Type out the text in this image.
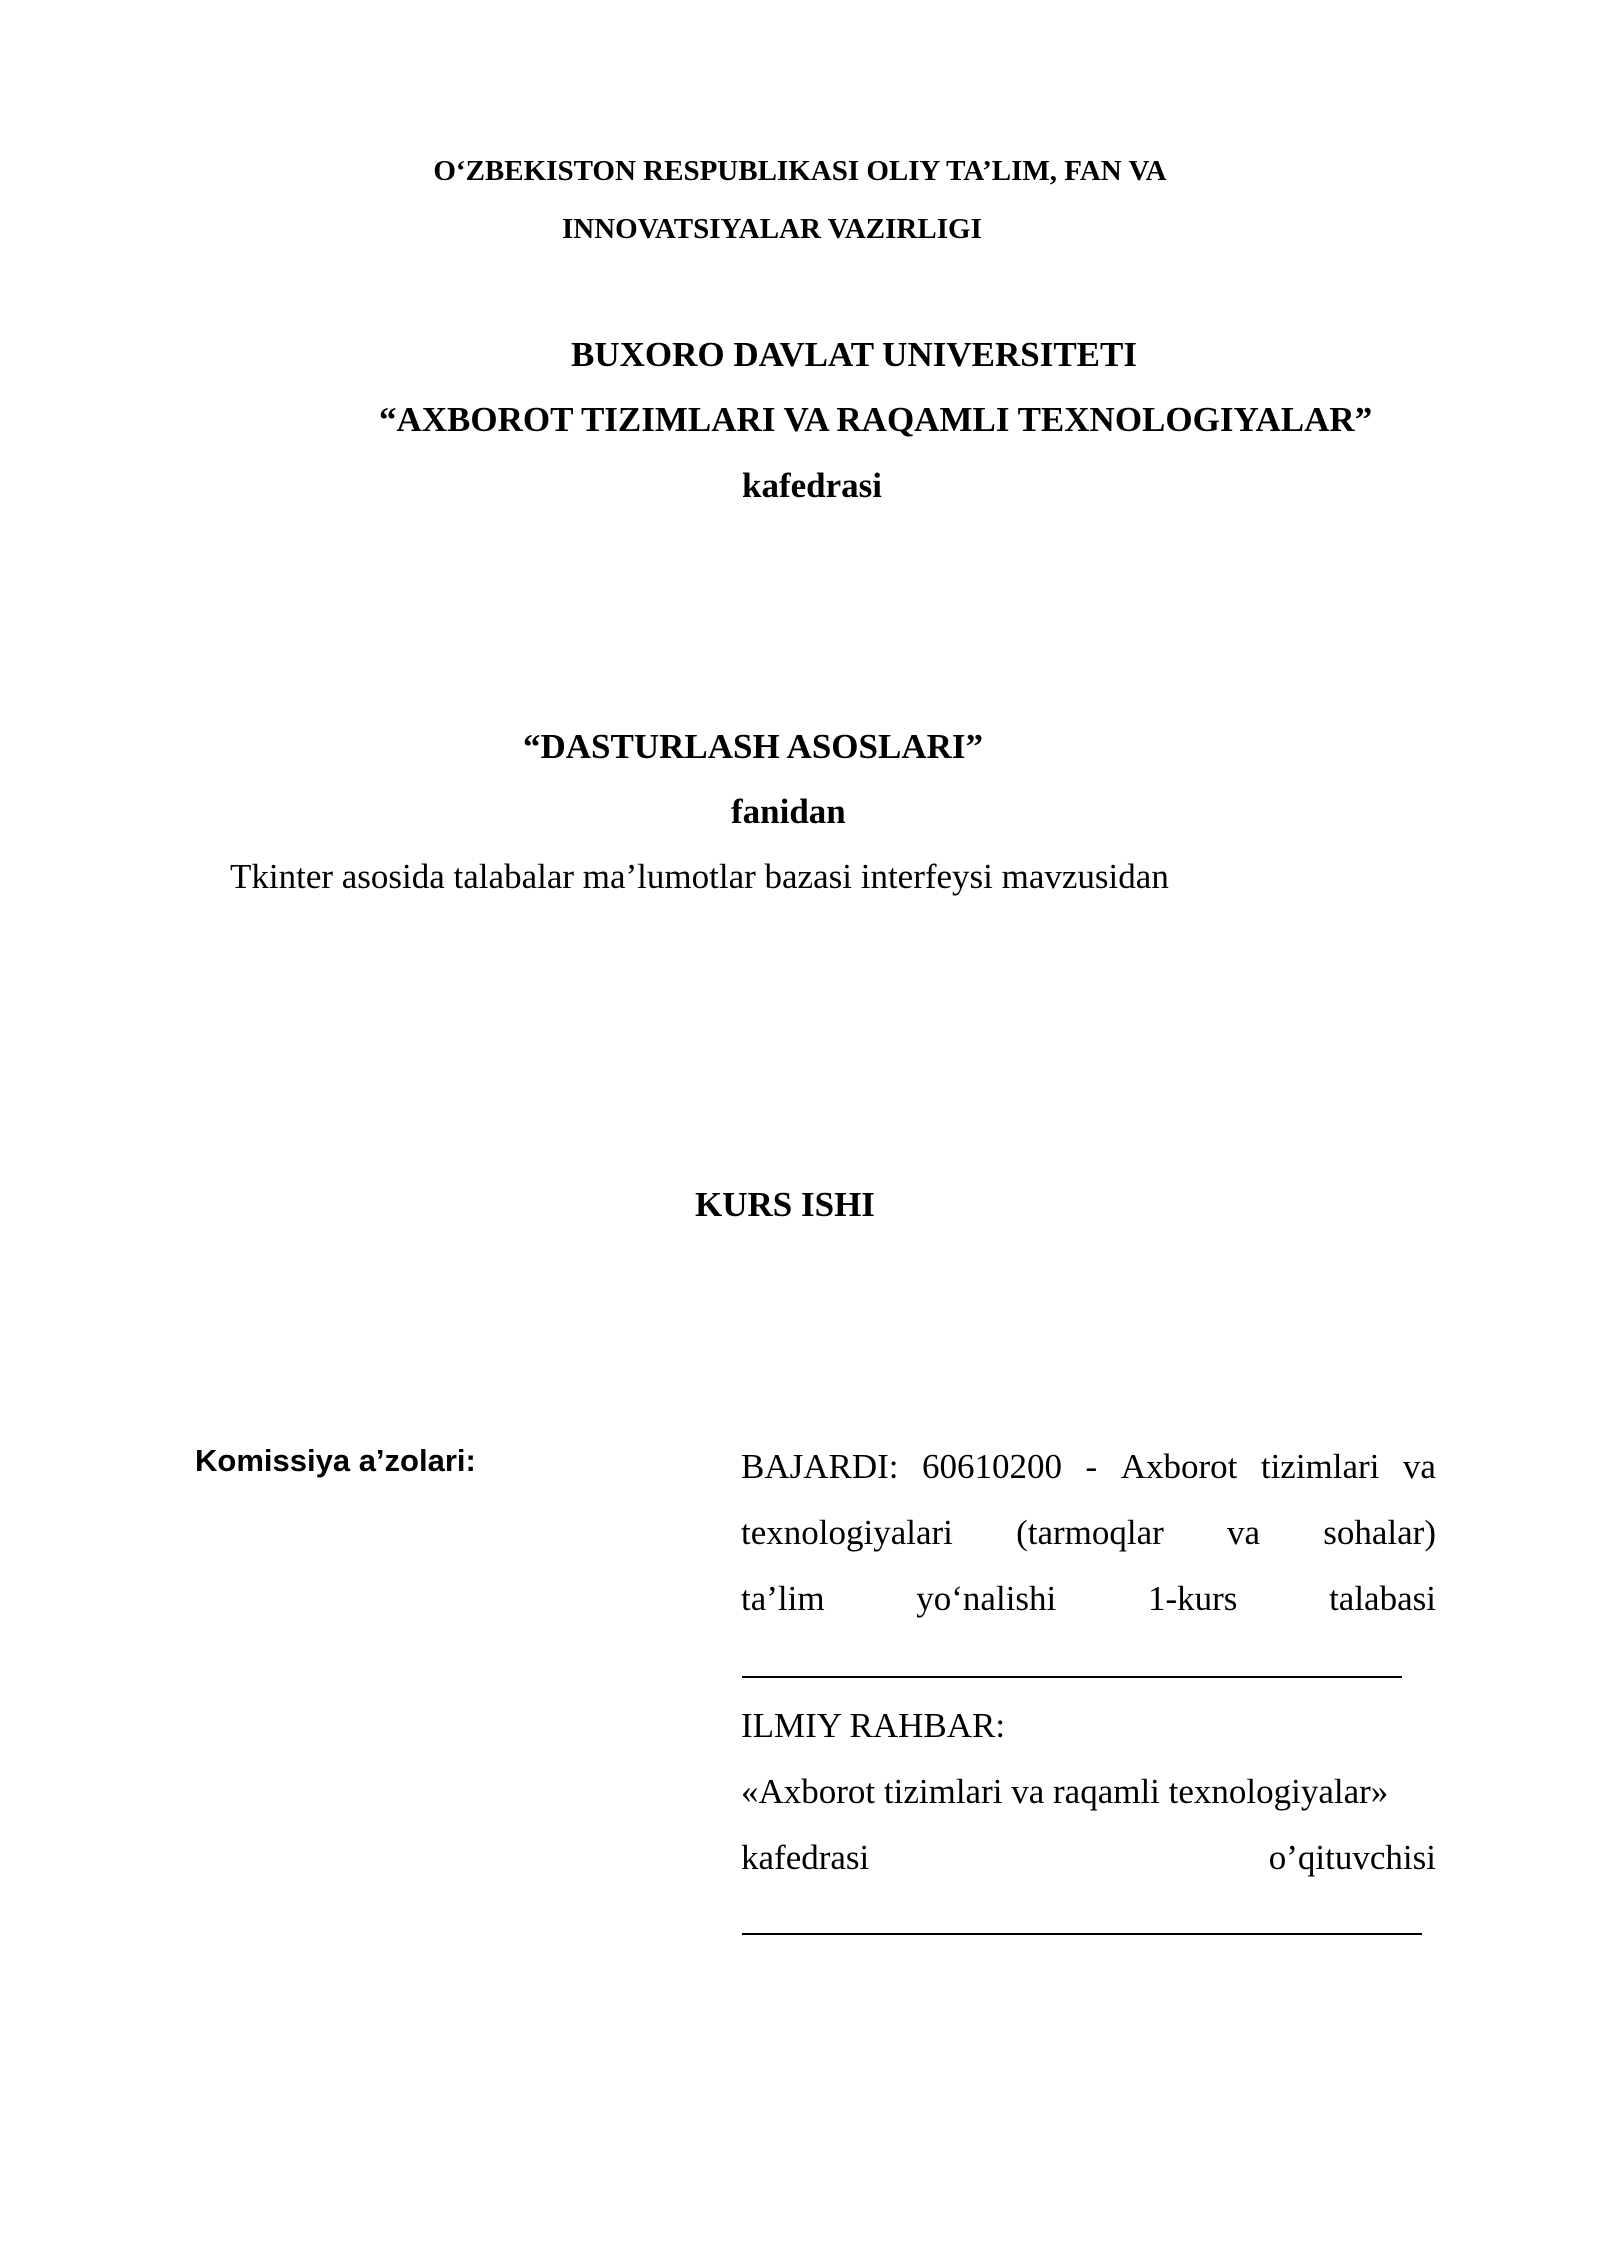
O‘ZBEKISTON RESPUBLIKASI OLIY TA’LIM, FAN VA
INNOVATSIYALAR VAZIRLIGI
BUXORO DAVLAT UNIVERSITETI
“AXBOROT TIZIMLARI VA RAQAMLI TEXNOLOGIYALAR”
kafedrasi
“DASTURLASH ASOSLARI”
fanidan
Tkinter asosida talabalar ma’lumotlar bazasi interfeysi mavzusidan
KURS ISHI
Komissiya a’zolari:	BAJARDI: 60610200 - Axborot tizimlari va
texnologiyalari (tarmoqlar va sohalar)
ta’lim	yo‘nalishi	1-kurs	talabasi
ILMIY RAHBAR:
«Axborot tizimlari va raqamli texnologiyalar»
kafedrasi	o’qituvchisi
